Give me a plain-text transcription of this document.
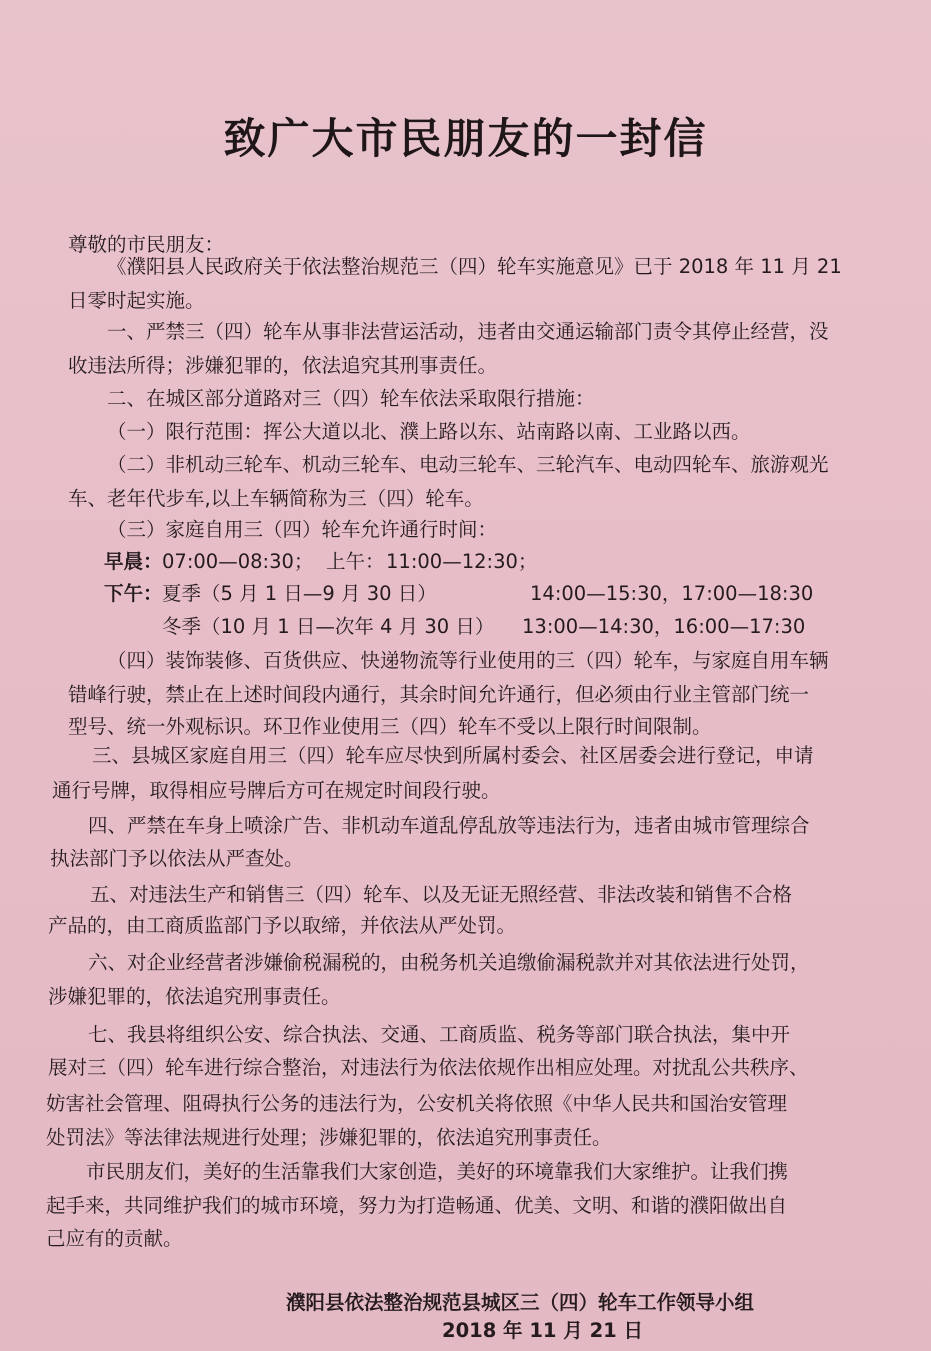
致广大市民朋友的一封信
尊敬的市民朋友：
《濮阳县人民政府关于依法整治规范三（四）轮车实施意见》已于 2018 年 11 月 21
日零时起实施。
一、严禁三（四）轮车从事非法营运活动，违者由交通运输部门责令其停止经营，没
收违法所得；涉嫌犯罪的，依法追究其刑事责任。
二、在城区部分道路对三（四）轮车依法采取限行措施：
（一）限行范围：挥公大道以北、濮上路以东、站南路以南、工业路以西。
（二）非机动三轮车、机动三轮车、电动三轮车、三轮汽车、电动四轮车、旅游观光
车、老年代步车,以上车辆简称为三（四）轮车。
（三）家庭自用三（四）轮车允许通行时间：
早晨： 07:00—08:30； 上午： 11:00—12:30；
下午： 夏季（5 月 1 日—9 月 30 日）	14:00—15:30，17:00—18:30
冬季（10 月 1 日—次年 4 月 30 日） 13:00—14:30，16:00—17:30
（四）装饰装修、百货供应、快递物流等行业使用的三（四）轮车，与家庭自用车辆
错峰行驶，禁止在上述时间段内通行，其余时间允许通行，但必须由行业主管部门统一
型号、统一外观标识。环卫作业使用三（四）轮车不受以上限行时间限制。
三、县城区家庭自用三（四）轮车应尽快到所属村委会、社区居委会进行登记，申请
通行号牌，取得相应号牌后方可在规定时间段行驶。
四、严禁在车身上喷涂广告、非机动车道乱停乱放等违法行为，违者由城市管理综合
执法部门予以依法从严查处。
五、对违法生产和销售三（四）轮车、以及无证无照经营、非法改装和销售不合格
产品的，由工商质监部门予以取缔，并依法从严处罚。
六、对企业经营者涉嫌偷税漏税的，由税务机关追缴偷漏税款并对其依法进行处罚，
涉嫌犯罪的，依法追究刑事责任。
七、我县将组织公安、综合执法、交通、工商质监、税务等部门联合执法，集中开
展对三（四）轮车进行综合整治，对违法行为依法依规作出相应处理。对扰乱公共秩序、
妨害社会管理、阻碍执行公务的违法行为，公安机关将依照《中华人民共和国治安管理
处罚法》等法律法规进行处理；涉嫌犯罪的，依法追究刑事责任。
市民朋友们，美好的生活靠我们大家创造，美好的环境靠我们大家维护。让我们携
起手来，共同维护我们的城市环境，努力为打造畅通、优美、文明、和谐的濮阳做出自
己应有的贡献。
濮阳县依法整治规范县城区三（四）轮车工作领导小组
2018 年 11 月 21 日
